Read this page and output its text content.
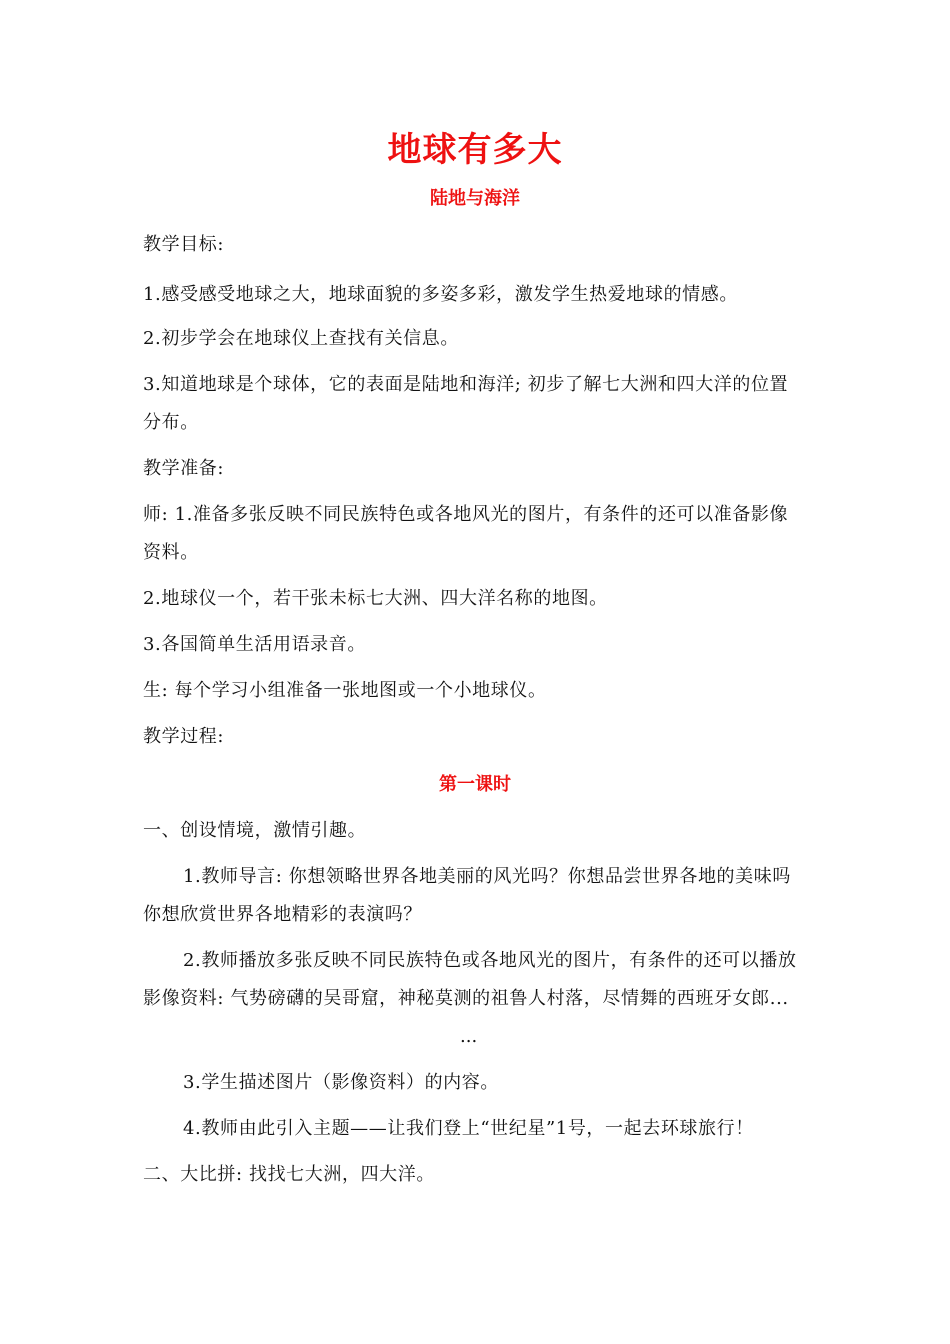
地球有多大
陆地与海洋
教学目标:
1.感受感受地球之大，地球面貌的多姿多彩，激发学生热爱地球的情感。
2.初步学会在地球仪上查找有关信息。
3.知道地球是个球体，它的表面是陆地和海洋; 初步了解七大洲和四大洋的位置
分布。
教学准备:
师: 1.准备多张反映不同民族特色或各地风光的图片，有条件的还可以准备影像
资料。
2.地球仪一个，若干张未标七大洲、四大洋名称的地图。
3.各国简单生活用语录音。
生: 每个学习小组准备一张地图或一个小地球仪。
教学过程:
第一课时
一、创设情境，激情引趣。
1.教师导言: 你想领略世界各地美丽的风光吗？你想品尝世界各地的美味吗
你想欣赏世界各地精彩的表演吗？
2.教师播放多张反映不同民族特色或各地风光的图片，有条件的还可以播放
影像资料: 气势磅礴的吴哥窟，神秘莫测的祖鲁人村落，尽情舞的西班牙女郎...
...
3.学生描述图片（影像资料）的内容。
4.教师由此引入主题——让我们登上“世纪星”1号，一起去环球旅行！
二、大比拼: 找找七大洲，四大洋。
